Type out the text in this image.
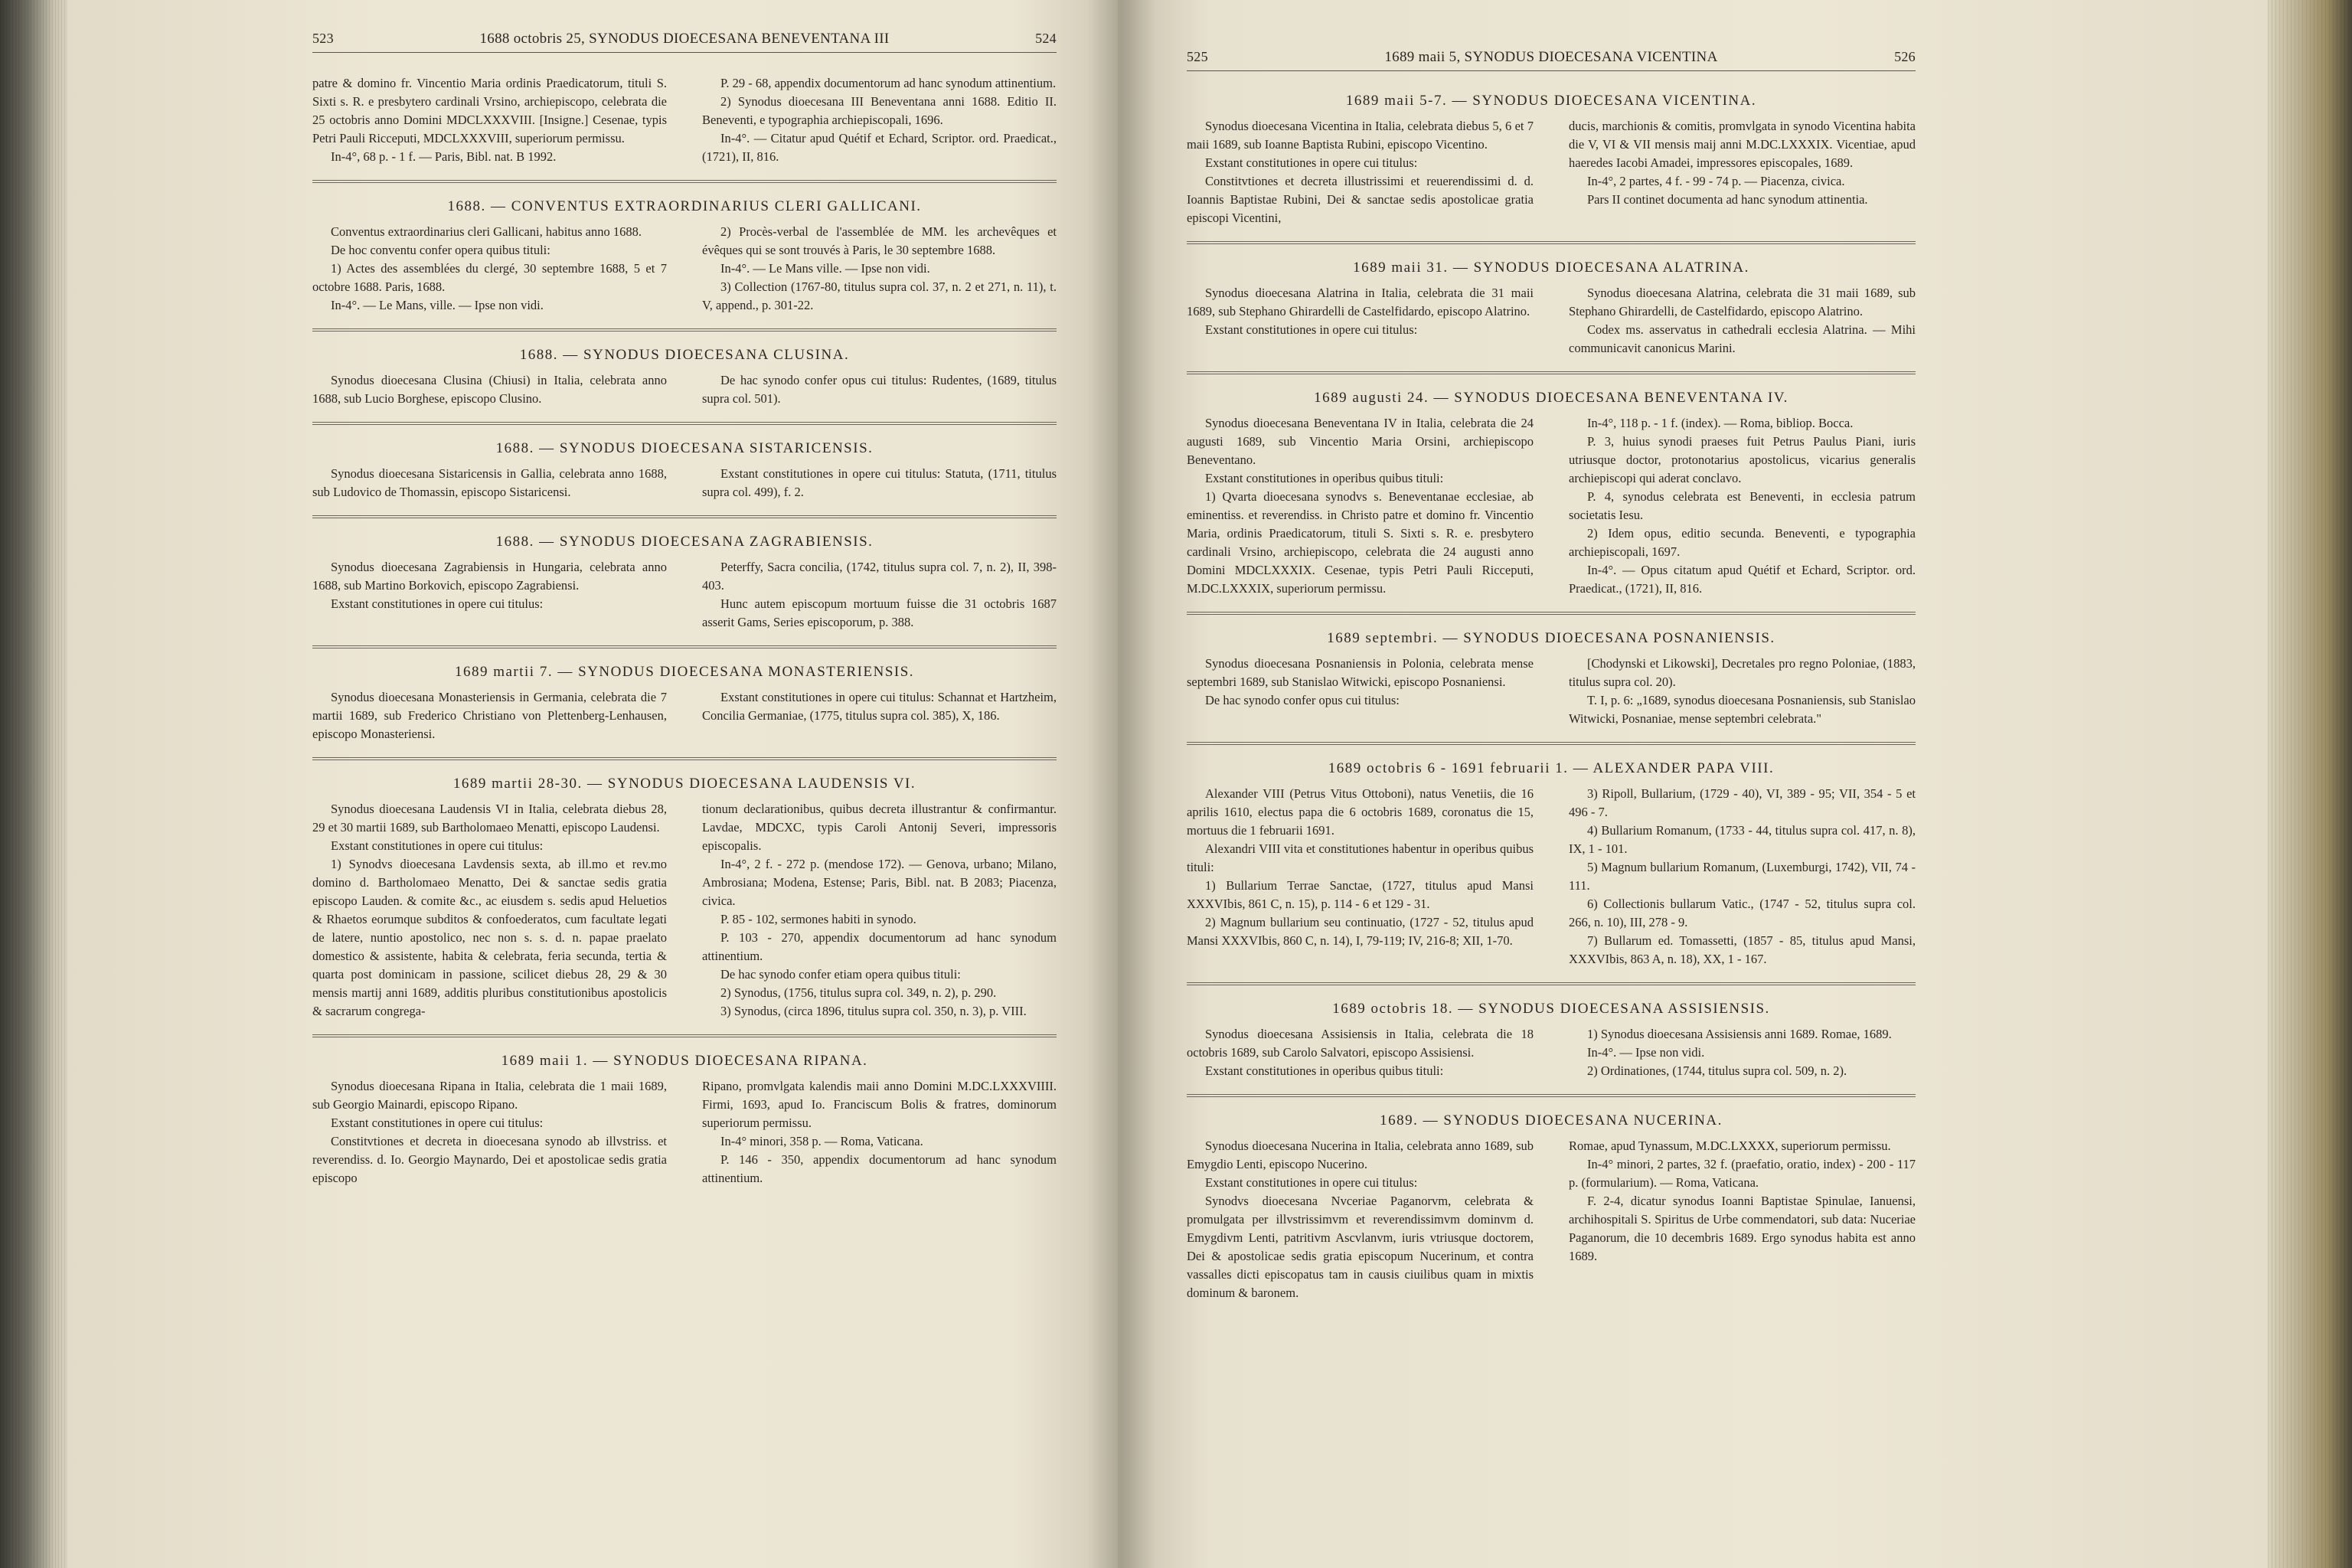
523	1688 octobris 25, SYNODUS DIOECESANA BENEVENTANA III	524

patre & domino fr. Vincentio Maria ordinis Praedicatorum, tituli S. Sixti s. R. e presbytero cardinali Vrsino, archiepiscopo, celebrata die 25 octobris anno Domini MDCLXXXVIII. [Insigne.] Cesenae, typis Petri Pauli Ricceputi, MDCLXXXVIII, superiorum permissu.

In-4°, 68 p. - 1 f. — Paris, Bibl. nat. B 1992.

P. 29 - 68, appendix documentorum ad hanc synodum attinentium.

2) Synodus dioecesana III Beneventana anni 1688. Editio II. Beneventi, e typographia archiepiscopali, 1696.

In-4°. — Citatur apud Quétif et Echard, Scriptor. ord. Praedicat., (1721), II, 816.

1688. — CONVENTUS EXTRAORDINARIUS CLERI GALLICANI.

Conventus extraordinarius cleri Gallicani, habitus anno 1688.

De hoc conventu confer opera quibus tituli:

1) Actes des assemblées du clergé, 30 septembre 1688, 5 et 7 octobre 1688. Paris, 1688.

In-4°. — Le Mans, ville. — Ipse non vidi.

2) Procès-verbal de l'assemblée de MM. les archevêques et évêques qui se sont trouvés à Paris, le 30 septembre 1688.

In-4°. — Le Mans ville. — Ipse non vidi.

3) Collection (1767-80, titulus supra col. 37, n. 2 et 271, n. 11), t. V, append., p. 301-22.

1688. — SYNODUS DIOECESANA CLUSINA.

Synodus dioecesana Clusina (Chiusi) in Italia, celebrata anno 1688, sub Lucio Borghese, episcopo Clusino.

De hac synodo confer opus cui titulus: Rudentes, (1689, titulus supra col. 501).

1688. — SYNODUS DIOECESANA SISTARICENSIS.

Synodus dioecesana Sistaricensis in Gallia, celebrata anno 1688, sub Ludovico de Thomassin, episcopo Sistaricensi.

Exstant constitutiones in opere cui titulus: Statuta, (1711, titulus supra col. 499), f. 2.

1688. — SYNODUS DIOECESANA ZAGRABIENSIS.

Synodus dioecesana Zagrabiensis in Hungaria, celebrata anno 1688, sub Martino Borkovich, episcopo Zagrabiensi.

Exstant constitutiones in opere cui titulus:

Peterffy, Sacra concilia, (1742, titulus supra col. 7, n. 2), II, 398-403.

Hunc autem episcopum mortuum fuisse die 31 octobris 1687 asserit Gams, Series episcoporum, p. 388.

1689 martii 7. — SYNODUS DIOECESANA MONASTERIENSIS.

Synodus dioecesana Monasteriensis in Germania, celebrata die 7 martii 1689, sub Frederico Christiano von Plettenberg-Lenhausen, episcopo Monasteriensi.

Exstant constitutiones in opere cui titulus: Schannat et Hartzheim, Concilia Germaniae, (1775, titulus supra col. 385), X, 186.

1689 martii 28-30. — SYNODUS DIOECESANA LAUDENSIS VI.

Synodus dioecesana Laudensis VI in Italia, celebrata diebus 28, 29 et 30 martii 1689, sub Bartholomaeo Menatti, episcopo Laudensi.

Exstant constitutiones in opere cui titulus:

1) Synodvs dioecesana Lavdensis sexta, ab ill.mo et rev.mo domino d. Bartholomaeo Menatto, Dei & sanctae sedis gratia episcopo Lauden. & comite &c., ac eiusdem s. sedis apud Heluetios & Rhaetos eorumque subditos & confoederatos, cum facultate legati de latere, nuntio apostolico, nec non s. s. d. n. papae praelato domestico & assistente, habita & celebrata, feria secunda, tertia & quarta post dominicam in passione, scilicet diebus 28, 29 & 30 mensis martij anni 1689, additis pluribus constitutionibus apostolicis & sacrarum congrega-

tionum declarationibus, quibus decreta illustrantur & confirmantur. Lavdae, MDCXC, typis Caroli Antonij Severi, impressoris episcopalis.

In-4°, 2 f. - 272 p. (mendose 172). — Genova, urbano; Milano, Ambrosiana; Modena, Estense; Paris, Bibl. nat. B 2083; Piacenza, civica.

P. 85 - 102, sermones habiti in synodo.

P. 103 - 270, appendix documentorum ad hanc synodum attinentium.

De hac synodo confer etiam opera quibus tituli:

2) Synodus, (1756, titulus supra col. 349, n. 2), p. 290.

3) Synodus, (circa 1896, titulus supra col. 350, n. 3), p. VIII.

1689 maii 1. — SYNODUS DIOECESANA RIPANA.

Synodus dioecesana Ripana in Italia, celebrata die 1 maii 1689, sub Georgio Mainardi, episcopo Ripano.

Exstant constitutiones in opere cui titulus:

Constitvtiones et decreta in dioecesana synodo ab illvstriss. et reverendiss. d. Io. Georgio Maynardo, Dei et apostolicae sedis gratia episcopo

Ripano, promvlgata kalendis maii anno Domini M.DC.LXXXVIIII. Firmi, 1693, apud Io. Franciscum Bolis & fratres, dominorum superiorum permissu.

In-4° minori, 358 p. — Roma, Vaticana.

P. 146 - 350, appendix documentorum ad hanc synodum attinentium.

525	1689 maii 5, SYNODUS DIOECESANA VICENTINA	526
1689 maii 5-7. — SYNODUS DIOECESANA VICENTINA.

Synodus dioecesana Vicentina in Italia, celebrata diebus 5, 6 et 7 maii 1689, sub Ioanne Baptista Rubini, episcopo Vicentino.

Exstant constitutiones in opere cui titulus:

Constitvtiones et decreta illustrissimi et reuerendissimi d. d. Ioannis Baptistae Rubini, Dei & sanctae sedis apostolicae gratia episcopi Vicentini,

ducis, marchionis & comitis, promvlgata in synodo Vicentina habita die V, VI & VII mensis maij anni M.DC.LXXXIX. Vicentiae, apud haeredes Iacobi Amadei, impressores episcopales, 1689.

In-4°, 2 partes, 4 f. - 99 - 74 p. — Piacenza, civica.

Pars II continet documenta ad hanc synodum attinentia.

1689 maii 31. — SYNODUS DIOECESANA ALATRINA.

Synodus dioecesana Alatrina in Italia, celebrata die 31 maii 1689, sub Stephano Ghirardelli de Castelfidardo, episcopo Alatrino.

Exstant constitutiones in opere cui titulus:

Synodus dioecesana Alatrina, celebrata die 31 maii 1689, sub Stephano Ghirardelli, de Castelfidardo, episcopo Alatrino.

Codex ms. asservatus in cathedrali ecclesia Alatrina. — Mihi communicavit canonicus Marini.

1689 augusti 24. — SYNODUS DIOECESANA BENEVENTANA IV.

Synodus dioecesana Beneventana IV in Italia, celebrata die 24 augusti 1689, sub Vincentio Maria Orsini, archiepiscopo Beneventano.

Exstant constitutiones in operibus quibus tituli:

1) Qvarta dioecesana synodvs s. Beneventanae ecclesiae, ab eminentiss. et reverendiss. in Christo patre et domino fr. Vincentio Maria, ordinis Praedicatorum, tituli S. Sixti s. R. e. presbytero cardinali Vrsino, archiepiscopo, celebrata die 24 augusti anno Domini MDCLXXXIX. Cesenae, typis Petri Pauli Ricceputi, M.DC.LXXXIX, superiorum permissu.

In-4°, 118 p. - 1 f. (index). — Roma, bibliop. Bocca.

P. 3, huius synodi praeses fuit Petrus Paulus Piani, iuris utriusque doctor, protonotarius apostolicus, vicarius generalis archiepiscopi qui aderat conclavo.

P. 4, synodus celebrata est Beneventi, in ecclesia patrum societatis Iesu.

2) Idem opus, editio secunda. Beneventi, e typographia archiepiscopali, 1697.

In-4°. — Opus citatum apud Quétif et Echard, Scriptor. ord. Praedicat., (1721), II, 816.

1689 septembri. — SYNODUS DIOECESANA POSNANIENSIS.

Synodus dioecesana Posnaniensis in Polonia, celebrata mense septembri 1689, sub Stanislao Witwicki, episcopo Posnaniensi.

De hac synodo confer opus cui titulus:

[Chodynski et Likowski], Decretales pro regno Poloniae, (1883, titulus supra col. 20).

T. I, p. 6: „1689, synodus dioecesana Posnaniensis, sub Stanislao Witwicki, Posnaniae, mense septembri celebrata."

1689 octobris 6 - 1691 februarii 1. — ALEXANDER PAPA VIII.

Alexander VIII (Petrus Vitus Ottoboni), natus Venetiis, die 16 aprilis 1610, electus papa die 6 octobris 1689, coronatus die 15, mortuus die 1 februarii 1691.

Alexandri VIII vita et constitutiones habentur in operibus quibus tituli:

1) Bullarium Terrae Sanctae, (1727, titulus apud Mansi XXXVIbis, 861 C, n. 15), p. 114 - 6 et 129 - 31.

2) Magnum bullarium seu continuatio, (1727 - 52, titulus apud Mansi XXXVIbis, 860 C, n. 14), I, 79-119; IV, 216-8; XII, 1-70.

3) Ripoll, Bullarium, (1729 - 40), VI, 389 - 95; VII, 354 - 5 et 496 - 7.

4) Bullarium Romanum, (1733 - 44, titulus supra col. 417, n. 8), IX, 1 - 101.

5) Magnum bullarium Romanum, (Luxemburgi, 1742), VII, 74 - 111.

6) Collectionis bullarum Vatic., (1747 - 52, titulus supra col. 266, n. 10), III, 278 - 9.

7) Bullarum ed. Tomassetti, (1857 - 85, titulus apud Mansi, XXXVIbis, 863 A, n. 18), XX, 1 - 167.

1689 octobris 18. — SYNODUS DIOECESANA ASSISIENSIS.

Synodus dioecesana Assisiensis in Italia, celebrata die 18 octobris 1689, sub Carolo Salvatori, episcopo Assisiensi.

Exstant constitutiones in operibus quibus tituli:

1) Synodus dioecesana Assisiensis anni 1689. Romae, 1689.

In-4°. — Ipse non vidi.

2) Ordinationes, (1744, titulus supra col. 509, n. 2).

1689. — SYNODUS DIOECESANA NUCERINA.

Synodus dioecesana Nucerina in Italia, celebrata anno 1689, sub Emygdio Lenti, episcopo Nucerino.

Exstant constitutiones in opere cui titulus:

Synodvs dioecesana Nvceriae Paganorvm, celebrata & promulgata per illvstrissimvm et reverendissimvm dominvm d. Emygdivm Lenti, patritivm Ascvlanvm, iuris vtriusque doctorem, Dei & apostolicae sedis gratia episcopum Nucerinum, et contra vassalles dicti episcopatus tam in causis ciuilibus quam in mixtis dominum & baronem.

Romae, apud Tynassum, M.DC.LXXXX, superiorum permissu.

In-4° minori, 2 partes, 32 f. (praefatio, oratio, index) - 200 - 117 p. (formularium). — Roma, Vaticana.

F. 2-4, dicatur synodus Ioanni Baptistae Spinulae, Ianuensi, archihospitali S. Spiritus de Urbe commendatori, sub data: Nuceriae Paganorum, die 10 decembris 1689. Ergo synodus habita est anno 1689.
